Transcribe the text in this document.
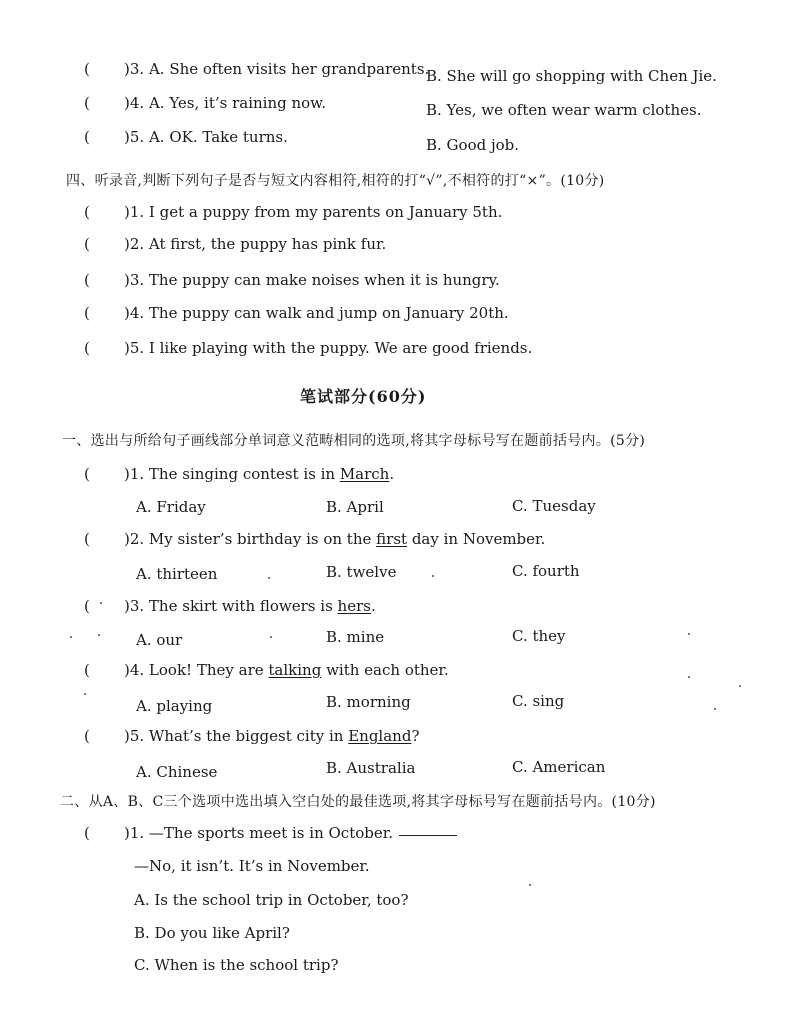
( )3. A. She often visits her grandparents.
B. She will go shopping with Chen Jie.
( )4. A. Yes, it’s raining now.	B. Yes, we often wear warm clothes.
( )5. A. OK. Take turns.	B. Good job.
四、听录音,判断下列句子是否与短文内容相符,相符的打“√”,不相符的打“×”。(10分)
( )1. I get a puppy from my parents on January 5th.
( )2. At first, the puppy has pink fur.
( )3. The puppy can make noises when it is hungry.
( )4. The puppy can walk and jump on January 20th.
( )5. I like playing with the puppy. We are good friends.
笔试部分(60分)
一、选出与所给句子画线部分单词意义范畴相同的选项,将其字母标号写在题前括号内。(5分)
( )1. The singing contest is in March.
A. Friday	B. April	C. Tuesday
( )2. My sister’s birthday is on the first day in November.
A. thirteen	B. twelve	C. fourth
( )3. The skirt with flowers is hers.
A. our	B. mine	C. they
( )4. Look! They are talking with each other.
A. playing	B. morning	C. sing
( )5. What’s the biggest city in England?
A. Chinese	B. Australia	C. American
二、从A、B、C三个选项中选出填入空白处的最佳选项,将其字母标号写在题前括号内。(10分)
( )1. —The sports meet is in October.
—No, it isn’t. It’s in November.
A. Is the school trip in October, too?
B. Do you like April?
C. When is the school trip?
